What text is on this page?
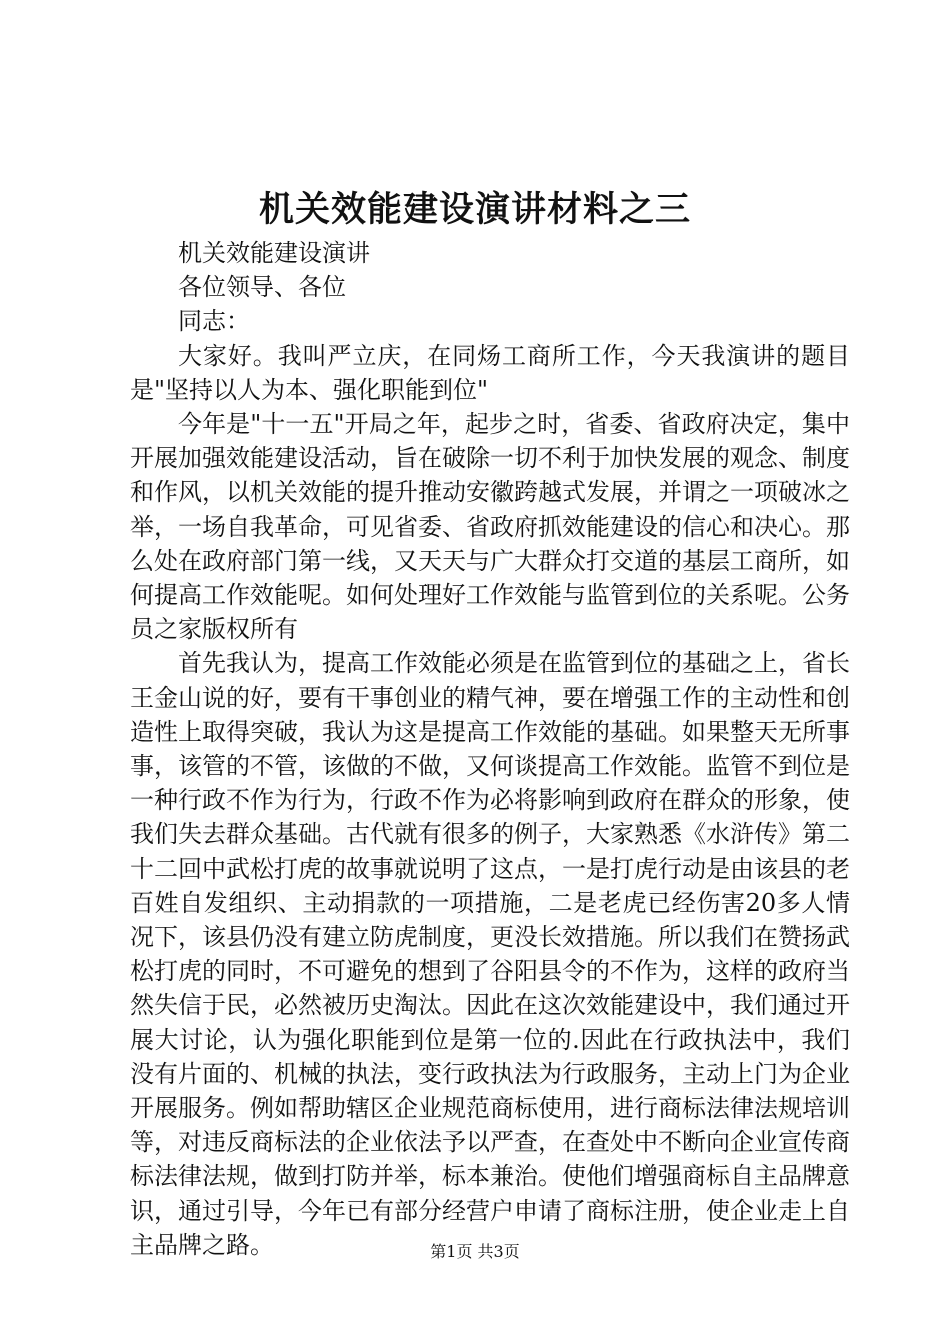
机关效能建设演讲材料之三

机关效能建设演讲

各位领导、各位

同志：

大家好。我叫严立庆，在同炀工商所工作，今天我演讲的题目是"坚持以人为本、强化职能到位"

今年是"十一五"开局之年，起步之时，省委、省政府决定，集中开展加强效能建设活动，旨在破除一切不利于加快发展的观念、制度和作风，以机关效能的提升推动安徽跨越式发展，并谓之一项破冰之举，一场自我革命，可见省委、省政府抓效能建设的信心和决心。那么处在政府部门第一线，又天天与广大群众打交道的基层工商所，如何提高工作效能呢。如何处理好工作效能与监管到位的关系呢。公务员之家版权所有

首先我认为，提高工作效能必须是在监管到位的基础之上，省长王金山说的好，要有干事创业的精气神，要在增强工作的主动性和创造性上取得突破，我认为这是提高工作效能的基础。如果整天无所事事，该管的不管，该做的不做，又何谈提高工作效能。监管不到位是一种行政不作为行为，行政不作为必将影响到政府在群众的形象，使我们失去群众基础。古代就有很多的例子，大家熟悉《水浒传》第二十二回中武松打虎的故事就说明了这点，一是打虎行动是由该县的老百姓自发组织、主动捐款的一项措施，二是老虎已经伤害20多人情况下，该县仍没有建立防虎制度，更没长效措施。所以我们在赞扬武松打虎的同时，不可避免的想到了谷阳县令的不作为，这样的政府当然失信于民，必然被历史淘汰。因此在这次效能建设中，我们通过开展大讨论，认为强化职能到位是第一位的.因此在行政执法中，我们没有片面的、机械的执法，变行政执法为行政服务，主动上门为企业开展服务。例如帮助辖区企业规范商标使用，进行商标法律法规培训等，对违反商标法的企业依法予以严查，在查处中不断向企业宣传商标法律法规，做到打防并举，标本兼治。使他们增强商标自主品牌意识，通过引导，今年已有部分经营户申请了商标注册，使企业走上自主品牌之路。	第1页 共3页
